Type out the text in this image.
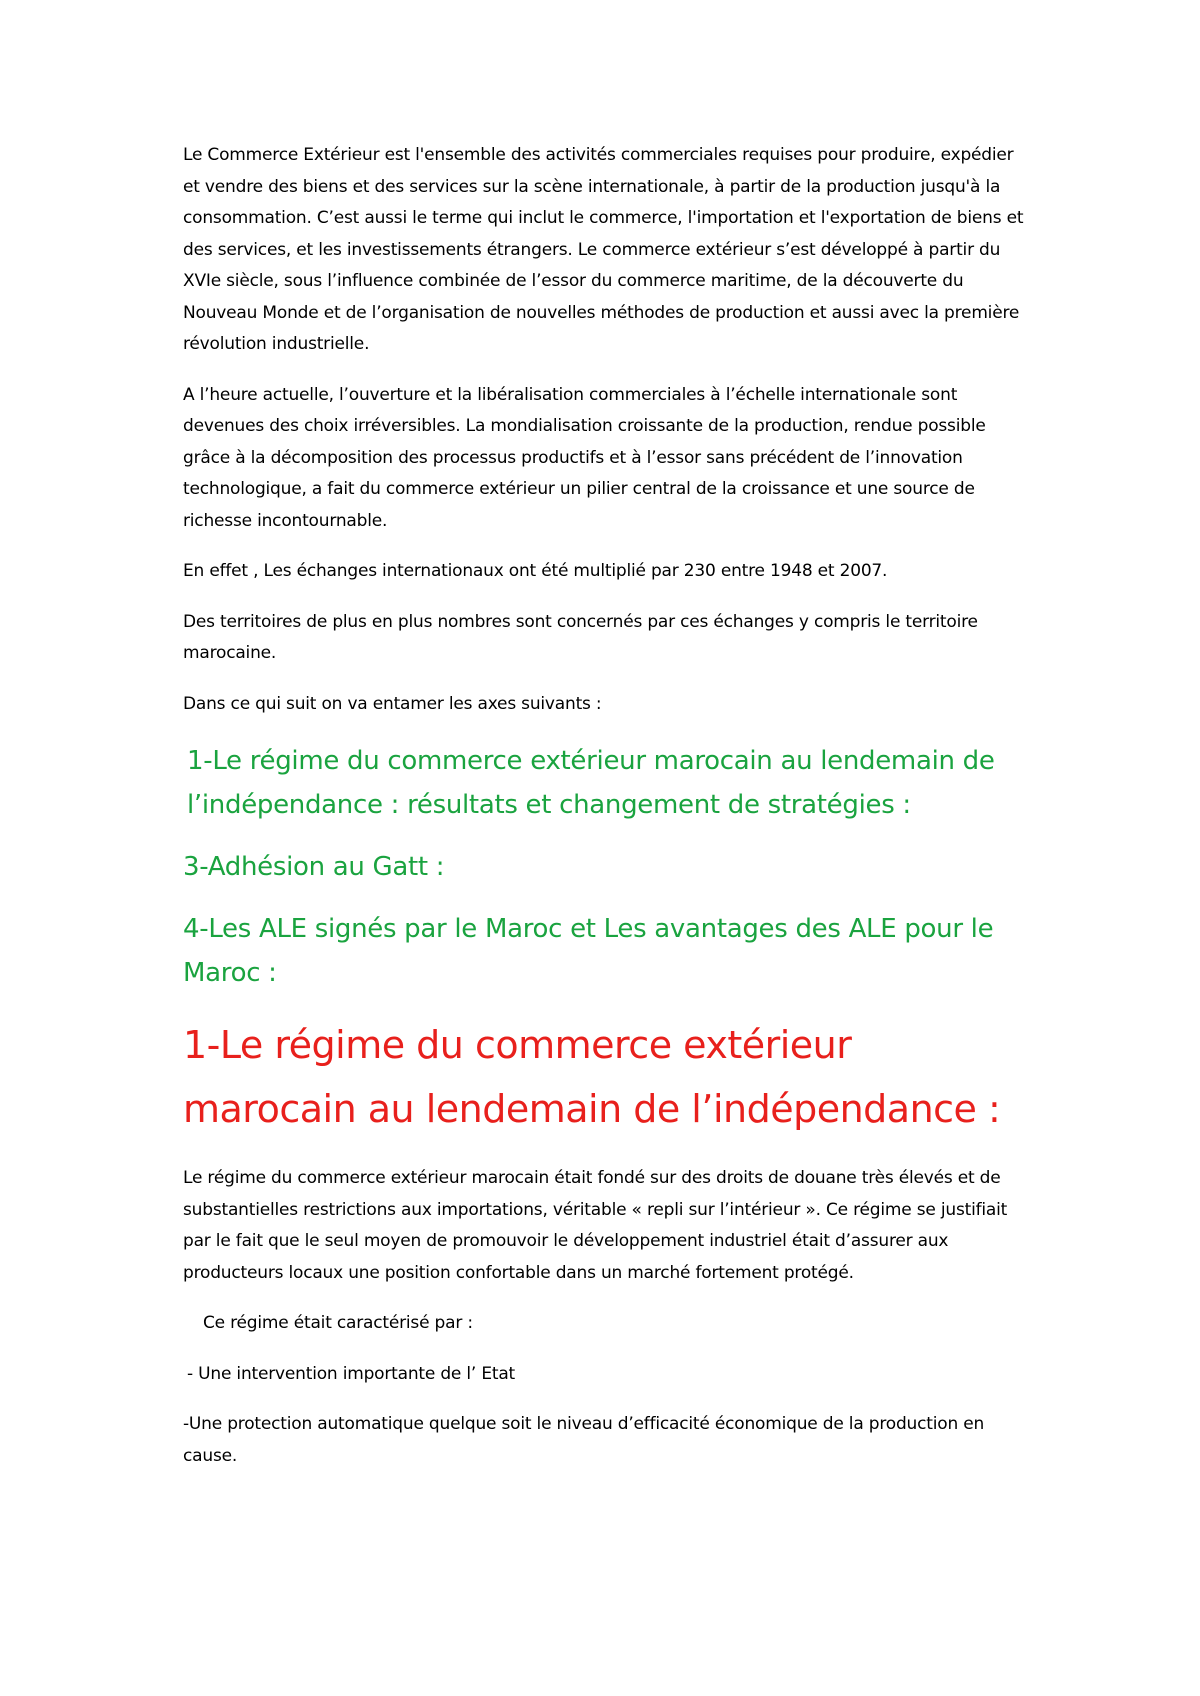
Le Commerce Extérieur est l'ensemble des activités commerciales requises pour produire, expédier et vendre des biens et des services sur la scène internationale, à partir de la production jusqu'à la consommation. C’est aussi le terme qui inclut le commerce, l'importation et l'exportation de biens et des services, et les investissements étrangers. Le commerce extérieur s’est développé à partir du XVIe siècle, sous l’influence combinée de l’essor du commerce maritime, de la découverte du Nouveau Monde et de l’organisation de nouvelles méthodes de production et aussi avec la première révolution industrielle.

A l’heure actuelle, l’ouverture et la libéralisation commerciales à l’échelle internationale sont devenues des choix irréversibles. La mondialisation croissante de la production, rendue possible grâce à la décomposition des processus productifs et à l’essor sans précédent de l’innovation technologique, a fait du commerce extérieur un pilier central de la croissance et une source de richesse incontournable.

En effet , Les échanges internationaux ont été multiplié par 230 entre 1948 et 2007.

Des territoires de plus en plus nombres sont concernés par ces échanges y compris le territoire marocaine.

Dans ce qui suit on va entamer les axes suivants :

1-Le régime du commerce extérieur marocain au lendemain de l’indépendance : résultats et changement de stratégies :
3-Adhésion au Gatt :
4-Les ALE signés par le Maroc et Les avantages des ALE pour le Maroc :
1-Le régime du commerce extérieur marocain au lendemain de l’indépendance :

Le régime du commerce extérieur marocain était fondé sur des droits de douane très élevés et de substantielles restrictions aux importations, véritable « repli sur l’intérieur ». Ce régime se justifiait par le fait que le seul moyen de promouvoir le développement industriel était d’assurer aux producteurs locaux une position confortable dans un marché fortement protégé.

Ce régime était caractérisé par :

- Une intervention importante de l’ Etat

-Une protection automatique quelque soit le niveau d’efficacité économique de la production en cause.
